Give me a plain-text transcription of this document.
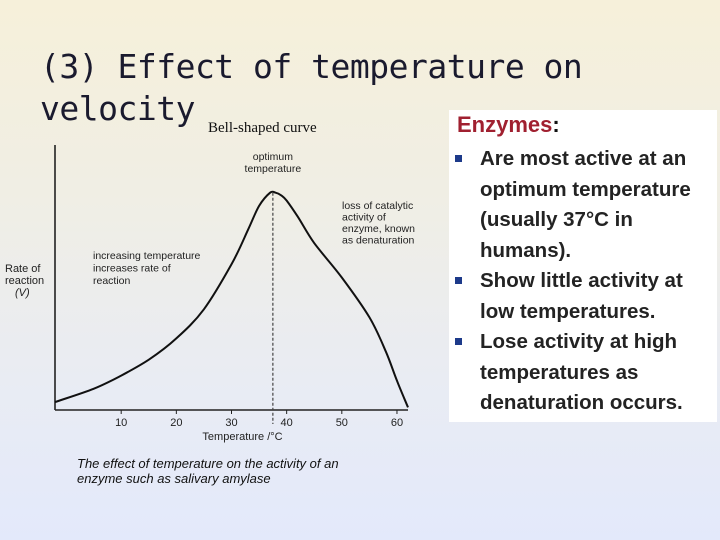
(3) Effect of temperature on
velocity Bell-shaped curve
10	20	30	40	50	60
Rate of reaction (V)
Temperature /°C
optimum temperature
increasing temperature increases rate of reaction
loss of catalytic activity of enzyme, known as denaturation
The effect of temperature on the activity of an
enzyme such as salivary amylase
Enzymes:
Are most active at an optimum temperature (usually 37°C in humans).
Show little activity at low temperatures.
Lose activity at high temperatures as denaturation occurs.
